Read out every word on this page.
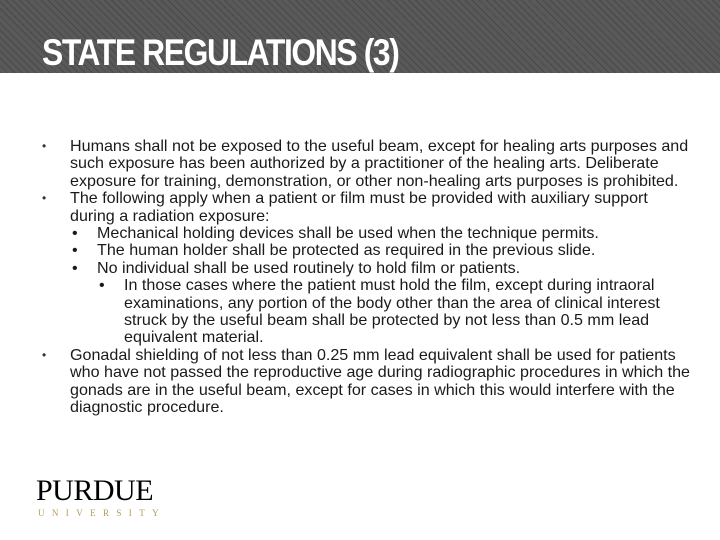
STATE REGULATIONS (3)
•	Humans shall not be exposed to the useful beam, except for healing arts purposes and such exposure has been authorized by a practitioner of the healing arts. Deliberate exposure for training, demonstration, or other non-healing arts purposes is prohibited.
•	The following apply when a patient or film must be provided with auxiliary support during a radiation exposure:
•	Mechanical holding devices shall be used when the technique permits.
•	The human holder shall be protected as required in the previous slide.
•	No individual shall be used routinely to hold film or patients.
•	In those cases where the patient must hold the film, except during intraoral examinations, any portion of the body other than the area of clinical interest struck by the useful beam shall be protected by not less than 0.5 mm lead equivalent material.
•	Gonadal shielding of not less than 0.25 mm lead equivalent shall be used for patients who have not passed the reproductive age during radiographic procedures in which the gonads are in the useful beam, except for cases in which this would interfere with the diagnostic procedure.
PURDUE
UNIVERSITY
